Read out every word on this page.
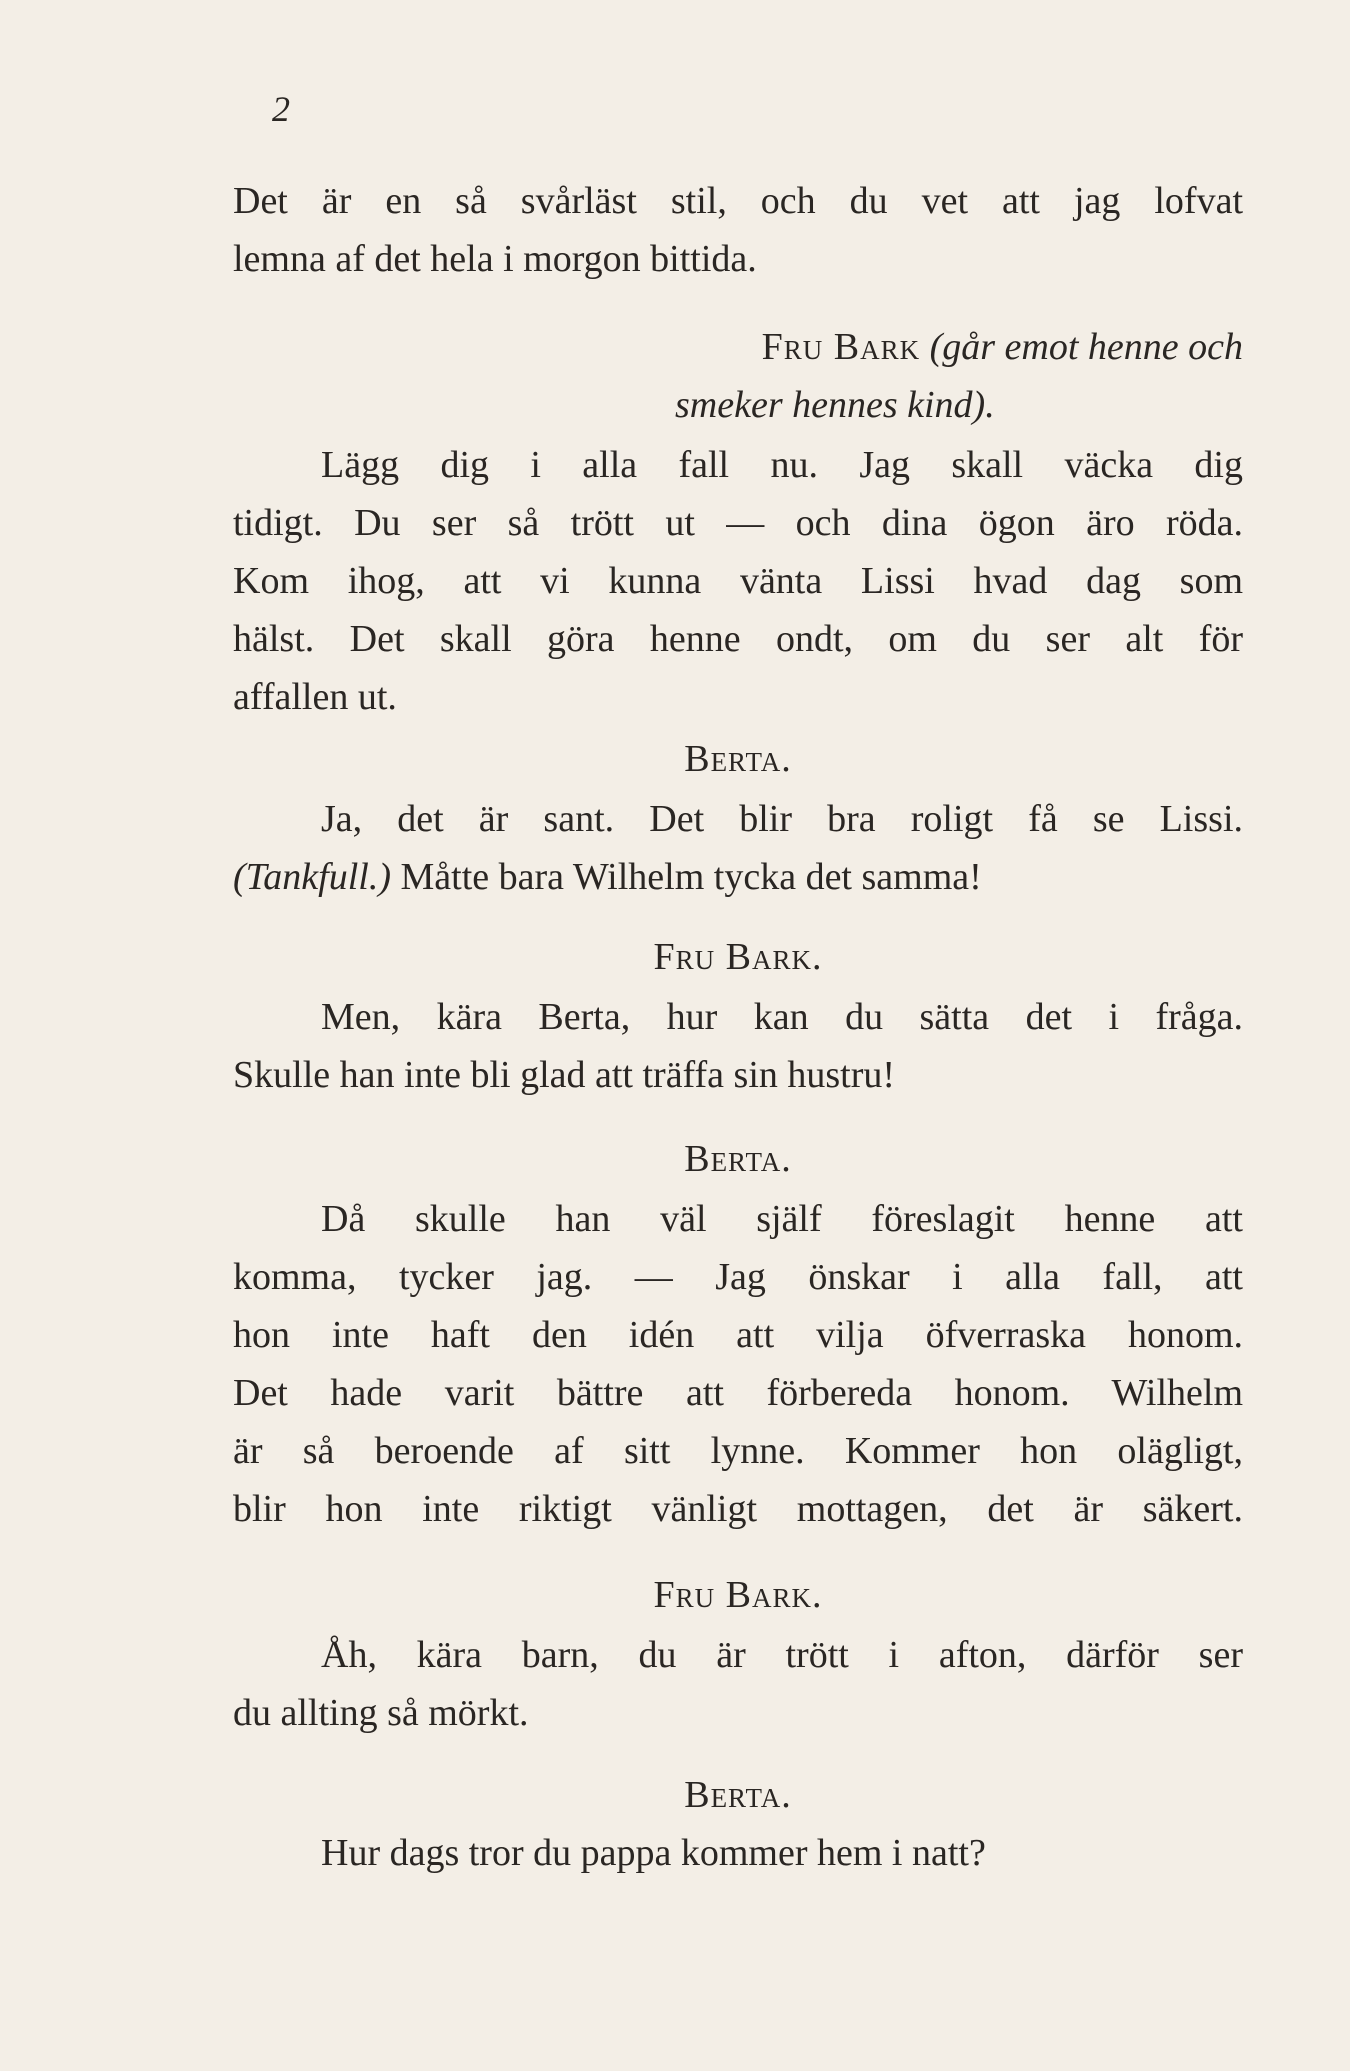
2
Det är en så svårläst stil, och du vet att jag lofvat
lemna af det hela i morgon bittida.
Fru Bark (går emot henne och
smeker hennes kind).
Lägg dig i alla fall nu. Jag skall väcka dig
tidigt. Du ser så trött ut — och dina ögon äro röda.
Kom ihog, att vi kunna vänta Lissi hvad dag som
hälst. Det skall göra henne ondt, om du ser alt för
affallen ut.
Berta.
Ja, det är sant. Det blir bra roligt få se Lissi.
(Tankfull.) Måtte bara Wilhelm tycka det samma!
Fru Bark.
Men, kära Berta, hur kan du sätta det i fråga.
Skulle han inte bli glad att träffa sin hustru!
Berta.
Då skulle han väl själf föreslagit henne att
komma, tycker jag. — Jag önskar i alla fall, att
hon inte haft den idén att vilja öfverraska honom.
Det hade varit bättre att förbereda honom. Wilhelm
är så beroende af sitt lynne. Kommer hon olägligt,
blir hon inte riktigt vänligt mottagen, det är säkert.
Fru Bark.
Åh, kära barn, du är trött i afton, därför ser
du allting så mörkt.
Berta.
Hur dags tror du pappa kommer hem i natt?
